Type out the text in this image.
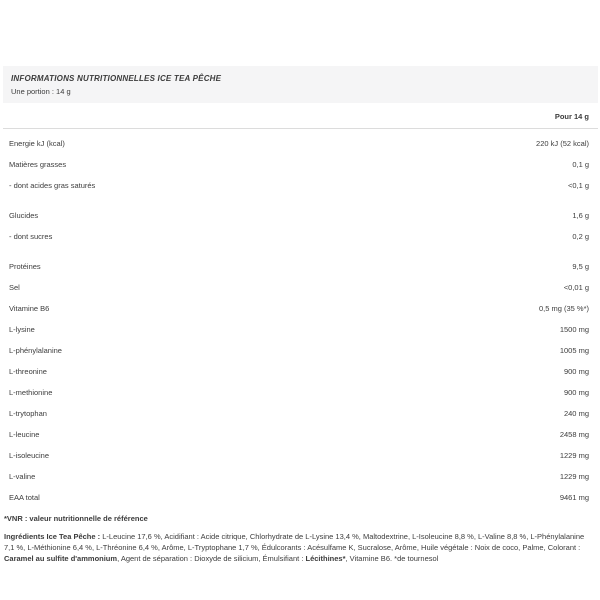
INFORMATIONS NUTRITIONNELLES ICE TEA PÊCHE
Une portion : 14 g
Pour 14 g
Energie kJ (kcal)	220 kJ (52 kcal)
Matières grasses	0,1 g
- dont acides gras saturés	<0,1 g
Glucides	1,6 g
- dont sucres	0,2 g
Protéines	9,5 g
Sel	<0,01 g
Vitamine B6	0,5 mg (35 %*)
L-lysine	1500 mg
L-phénylalanine	1005 mg
L-threonine	900 mg
L-methionine	900 mg
L-trytophan	240 mg
L-leucine	2458 mg
L-isoleucine	1229 mg
L-valine	1229 mg
EAA total	9461 mg
*VNR : valeur nutritionnelle de référence
Ingrédients Ice Tea Pêche : L-Leucine 17,6 %, Acidifiant : Acide citrique, Chlorhydrate de L-Lysine 13,4 %, Maltodextrine, L-Isoleucine 8,8 %, L-Valine 8,8 %, L-Phénylalanine 7,1 %, L-Méthionine 6,4 %, L-Thréonine 6,4 %, Arôme, L-Tryptophane 1,7 %, Édulcorants : Acésulfame K, Sucralose, Arôme, Huile végétale : Noix de coco, Palme, Colorant : Caramel au sulfite d'ammonium, Agent de séparation : Dioxyde de silicium, Émulsifiant : Lécithines*, Vitamine B6. *de tournesol
